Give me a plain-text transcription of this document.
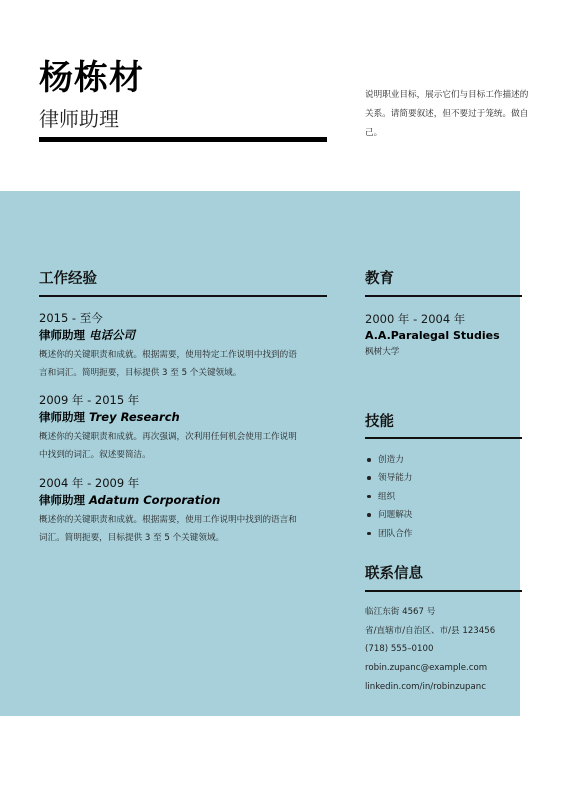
杨栋材
律师助理
说明职业目标，展示它们与目标工作描述的关系。请简要叙述，但不要过于笼统。做自己。
工作经验
2015 - 至今
律师助理 电话公司
概述你的关键职责和成就。根据需要，使用特定工作说明中找到的语言和词汇。简明扼要，目标提供 3 至 5 个关键领域。
2009 年 - 2015 年
律师助理 Trey Research
概述你的关键职责和成就。再次强调，次利用任何机会使用工作说明中找到的词汇。叙述要简洁。
2004 年 - 2009 年
律师助理 Adatum Corporation
概述你的关键职责和成就。根据需要，使用工作说明中找到的语言和词汇。简明扼要，目标提供 3 至 5 个关键领域。
教育
2000 年 - 2004 年
A.A.Paralegal Studies
枫树大学
技能
创造力
领导能力
组织
问题解决
团队合作
联系信息
临江东街 4567 号
省/直辖市/自治区、市/县 123456
(718) 555–0100
robin.zupanc@example.com
linkedin.com/in/robinzupanc
